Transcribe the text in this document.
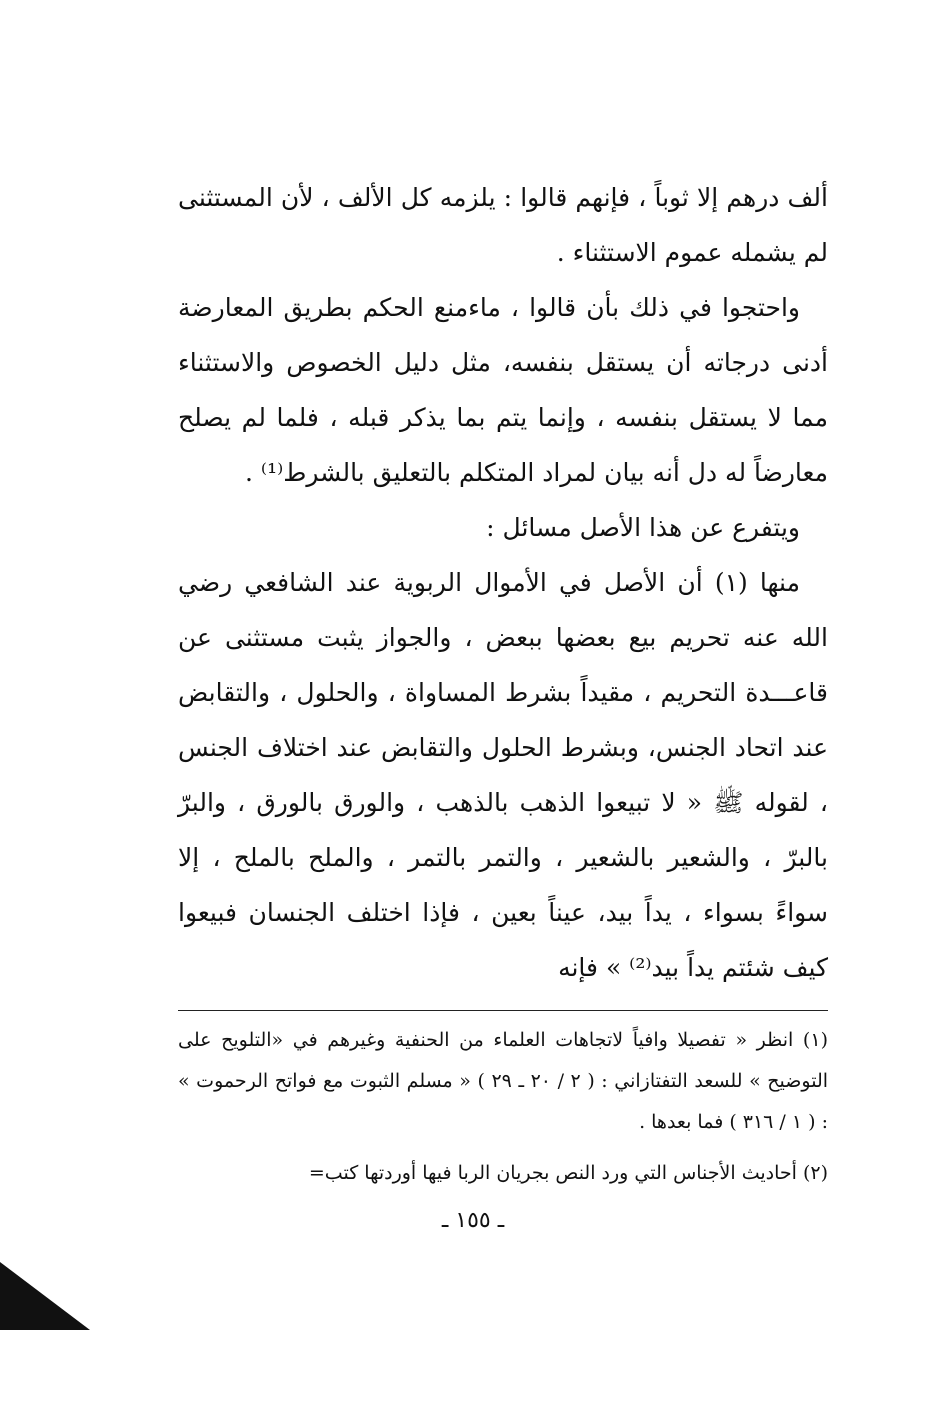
ألف درهم إلا ثوباً ، فإنهم قالوا : يلزمه كل الألف ، لأن المستثنى لم يشمله عموم الاستثناء .

واحتجوا في ذلك بأن قالوا ، ماءمنع الحكم بطريق المعارضة أدنى درجاته أن يستقل بنفسه، مثل دليل الخصوص والاستثناء مما لا يستقل بنفسه ، وإنما يتم بما يذكر قبله ، فلما لم يصلح معارضاً له دل أنه بيان لمراد المتكلم بالتعليق بالشرط⁽¹⁾ .

ويتفرع عن هذا الأصل مسائل :

منها (١) أن الأصل في الأموال الربوية عند الشافعي رضي الله عنه تحريم بيع بعضها ببعض ، والجواز يثبت مستثنى عن قاعـــدة التحريم ، مقيداً بشرط المساواة ، والحلول ، والتقابض عند اتحاد الجنس، وبشرط الحلول والتقابض عند اختلاف الجنس ، لقوله ﷺ « لا تبيعوا الذهب بالذهب ، والورق بالورق ، والبرّ بالبرّ ، والشعير بالشعير ، والتمر بالتمر ، والملح بالملح ، إلا سواءً بسواء ، يداً بيد، عيناً بعين ، فإذا اختلف الجنسان فبيعوا كيف شئتم يداً بيد⁽²⁾ » فإنه

(١) انظر « تفصيلا وافياً لاتجاهات العلماء من الحنفية وغيرهم في «التلويح على التوضيح » للسعد التفتازاني : ( ٢ / ٢٠ ـ ٢٩ ) « مسلم الثبوت مع فواتح الرحموت » : ( ١ / ٣١٦ ) فما بعدها .

(٢) أحاديث الأجناس التي ورد النص بجريان الربا فيها أوردتها كتب=

ـ ١٥٥ ـ
